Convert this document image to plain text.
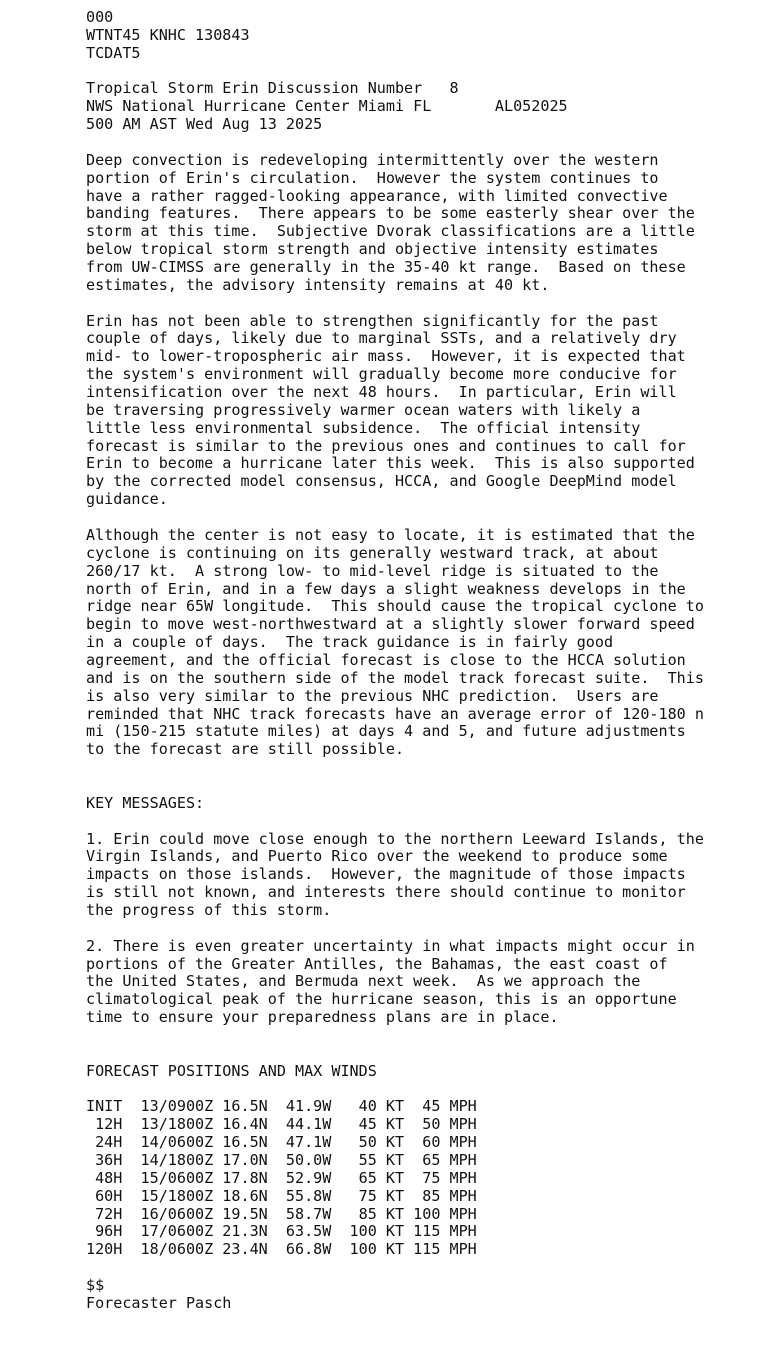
000
WTNT45 KNHC 130843
TCDAT5

Tropical Storm Erin Discussion Number   8
NWS National Hurricane Center Miami FL       AL052025
500 AM AST Wed Aug 13 2025

Deep convection is redeveloping intermittently over the western
portion of Erin's circulation.  However the system continues to
have a rather ragged-looking appearance, with limited convective
banding features.  There appears to be some easterly shear over the
storm at this time.  Subjective Dvorak classifications are a little
below tropical storm strength and objective intensity estimates
from UW-CIMSS are generally in the 35-40 kt range.  Based on these
estimates, the advisory intensity remains at 40 kt.

Erin has not been able to strengthen significantly for the past
couple of days, likely due to marginal SSTs, and a relatively dry
mid- to lower-tropospheric air mass.  However, it is expected that
the system's environment will gradually become more conducive for
intensification over the next 48 hours.  In particular, Erin will
be traversing progressively warmer ocean waters with likely a
little less environmental subsidence.  The official intensity
forecast is similar to the previous ones and continues to call for
Erin to become a hurricane later this week.  This is also supported
by the corrected model consensus, HCCA, and Google DeepMind model
guidance.

Although the center is not easy to locate, it is estimated that the
cyclone is continuing on its generally westward track, at about
260/17 kt.  A strong low- to mid-level ridge is situated to the
north of Erin, and in a few days a slight weakness develops in the
ridge near 65W longitude.  This should cause the tropical cyclone to
begin to move west-northwestward at a slightly slower forward speed
in a couple of days.  The track guidance is in fairly good
agreement, and the official forecast is close to the HCCA solution
and is on the southern side of the model track forecast suite.  This
is also very similar to the previous NHC prediction.  Users are
reminded that NHC track forecasts have an average error of 120-180 n
mi (150-215 statute miles) at days 4 and 5, and future adjustments
to the forecast are still possible.

KEY MESSAGES:

1. Erin could move close enough to the northern Leeward Islands, the
Virgin Islands, and Puerto Rico over the weekend to produce some
impacts on those islands.  However, the magnitude of those impacts
is still not known, and interests there should continue to monitor
the progress of this storm.

2. There is even greater uncertainty in what impacts might occur in
portions of the Greater Antilles, the Bahamas, the east coast of
the United States, and Bermuda next week.  As we approach the
climatological peak of the hurricane season, this is an opportune
time to ensure your preparedness plans are in place.

FORECAST POSITIONS AND MAX WINDS

INIT  13/0900Z 16.5N  41.9W   40 KT  45 MPH
12H  13/1800Z 16.4N  44.1W   45 KT  50 MPH
24H  14/0600Z 16.5N  47.1W   50 KT  60 MPH
36H  14/1800Z 17.0N  50.0W   55 KT  65 MPH
48H  15/0600Z 17.8N  52.9W   65 KT  75 MPH
60H  15/1800Z 18.6N  55.8W   75 KT  85 MPH
72H  16/0600Z 19.5N  58.7W   85 KT 100 MPH
96H  17/0600Z 21.3N  63.5W  100 KT 115 MPH
120H  18/0600Z 23.4N  66.8W  100 KT 115 MPH

$$
Forecaster Pasch
